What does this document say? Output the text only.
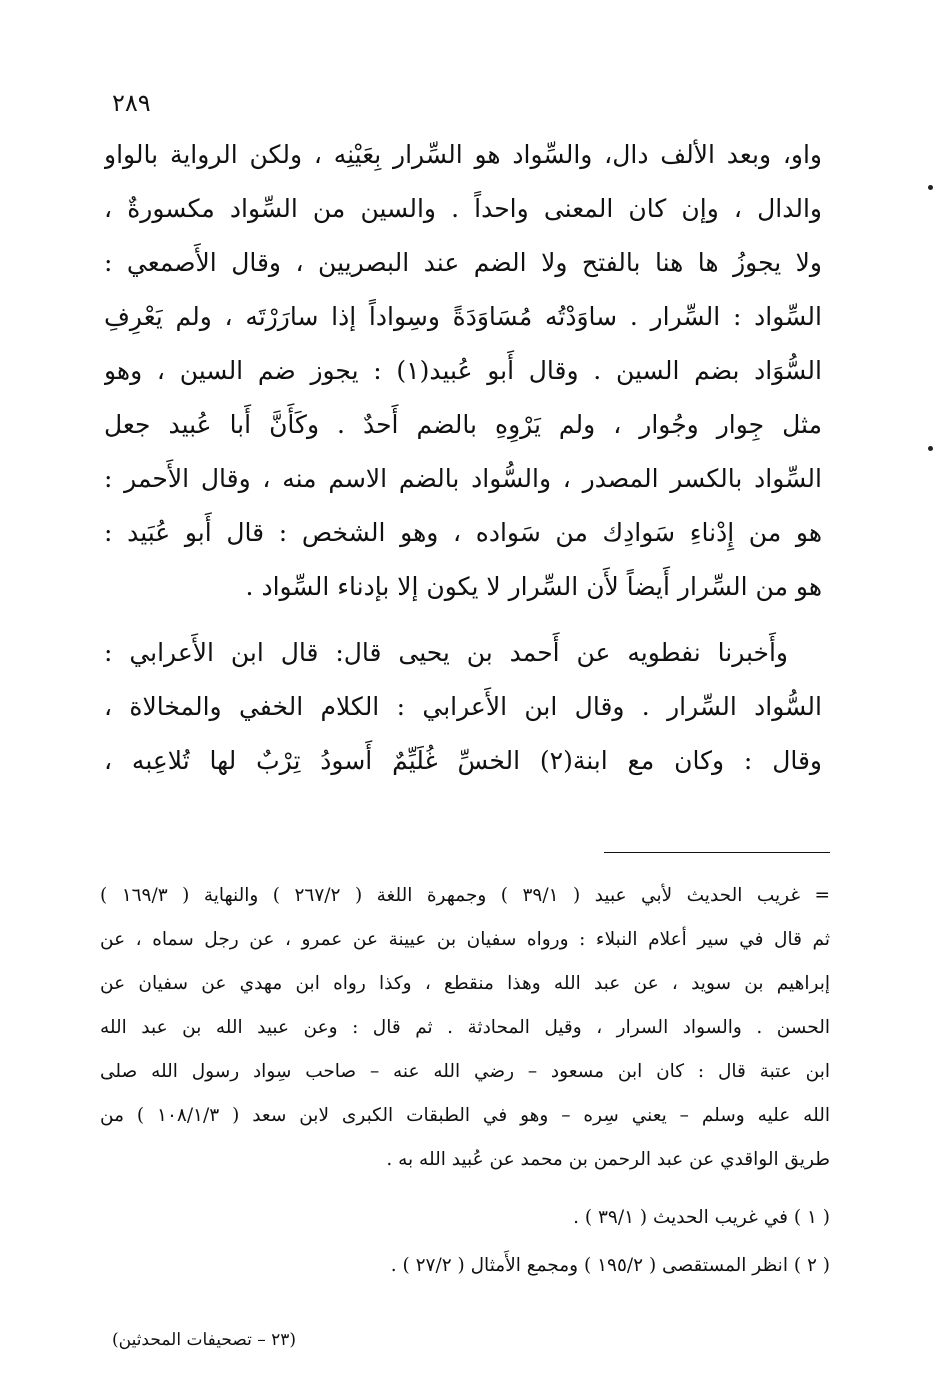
٢٨٩
واو، وبعد الألف دال، والسِّواد هو السِّرار بِعَيْنِه ، ولكن الرواية بالواو
والدال ، وإن كان المعنى واحداً . والسين من السِّواد مكسورةٌ ،
ولا يجوزُ ها هنا بالفتح ولا الضم عند البصريين ، وقال الأَصمعي :
السِّواد : السِّرار . ساوَدْتُه مُسَاوَدَةً وسِواداً إذا سارَرْتَه ، ولم يَعْرِفِ
السُّوَاد بضم السين . وقال أَبو عُبيد(١) : يجوز ضم السين ، وهو
مثل جِوار وجُوار ، ولم يَرْوِهِ بالضم أَحدٌ . وكَأَنَّ أَبا عُبيد جعل
السِّواد بالكسر المصدر ، والسُّواد بالضم الاسم منه ، وقال الأَحمر :
هو من إِدْناءِ سَوادِك من سَواده ، وهو الشخص : قال أَبو عُبَيد :
هو من السِّرار أَيضاً لأَن السِّرار لا يكون إلا بإدناء السِّواد .
وأَخبرنا نفطويه عن أَحمد بن يحيى قال: قال ابن الأَعرابي :
السُّواد السِّرار . وقال ابن الأَعرابي : الكلام الخفي والمخالاة ،
وقال : وكان مع ابنة(٢) الخسِّ غُلَيِّمٌ أَسودُ تِرْبٌ لها تُلاعِبه ،
= غريب الحديث لأبي عبيد ( ٣٩/١ ) وجمهرة اللغة ( ٢٦٧/٢ ) والنهاية ( ١٦٩/٣ )
ثم قال في سير أعلام النبلاء : ورواه سفيان بن عيينة عن عمرو ، عن رجل سماه ، عن
إبراهيم بن سويد ، عن عبد الله وهذا منقطع ، وكذا رواه ابن مهدي عن سفيان عن
الحسن . والسواد السرار ، وقيل المحادثة . ثم قال : وعن عبيد الله بن عبد الله
ابن عتبة قال : كان ابن مسعود – رضي الله عنه – صاحب سِواد رسول الله صلى
الله عليه وسلم – يعني سِره – وهو في الطبقات الكبرى لابن سعد ( ١٠٨/١/٣ ) من
طريق الواقدي عن عبد الرحمن بن محمد عن عُبيد الله به .
( ١ ) في غريب الحديث ( ٣٩/١ ) .
( ٢ ) انظر المستقصى ( ١٩٥/٢ ) ومجمع الأَمثال ( ٢٧/٢ ) .
(٢٣ – تصحيفات المحدثين)
